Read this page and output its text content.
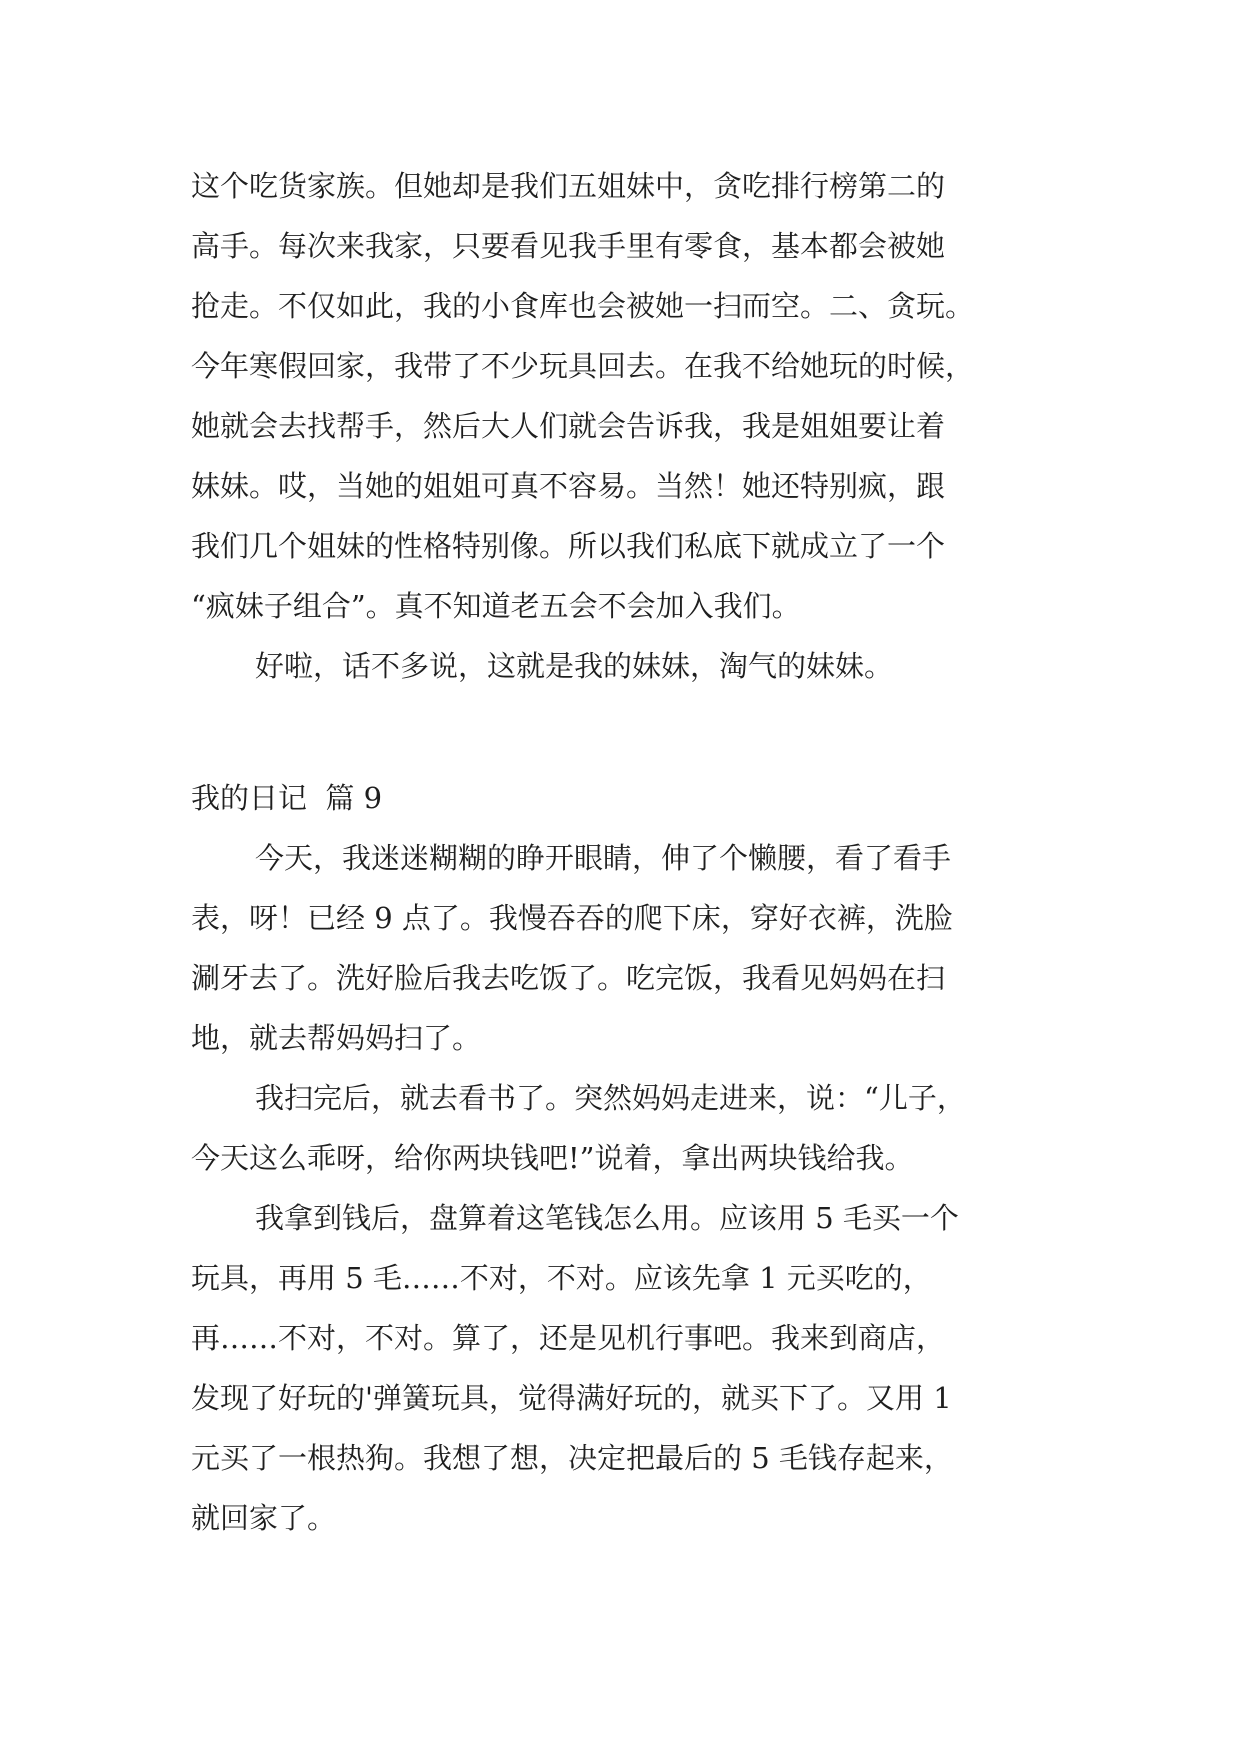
这个吃货家族。但她却是我们五姐妹中，贪吃排行榜第二的

高手。每次来我家，只要看见我手里有零食，基本都会被她

抢走。不仅如此，我的小食库也会被她一扫而空。二、贪玩。

今年寒假回家，我带了不少玩具回去。在我不给她玩的时候，

她就会去找帮手，然后大人们就会告诉我，我是姐姐要让着

妹妹。哎，当她的姐姐可真不容易。当然！她还特别疯，跟

我们几个姐妹的性格特别像。所以我们私底下就成立了一个

“疯妹子组合”。真不知道老五会不会加入我们。

好啦，话不多说，这就是我的妹妹，淘气的妹妹。

我的日记  篇 9

今天，我迷迷糊糊的睁开眼睛，伸了个懒腰，看了看手

表，呀！已经 9 点了。我慢吞吞的爬下床，穿好衣裤，洗脸

涮牙去了。洗好脸后我去吃饭了。吃完饭，我看见妈妈在扫

地，就去帮妈妈扫了。

我扫完后，就去看书了。突然妈妈走进来，说：“儿子，

今天这么乖呀，给你两块钱吧!”说着，拿出两块钱给我。

我拿到钱后，盘算着这笔钱怎么用。应该用 5 毛买一个

玩具，再用 5 毛……不对，不对。应该先拿 1 元买吃的，

再……不对，不对。算了，还是见机行事吧。我来到商店，

发现了好玩的'弹簧玩具，觉得满好玩的，就买下了。又用 1

元买了一根热狗。我想了想，决定把最后的 5 毛钱存起来，

就回家了。
